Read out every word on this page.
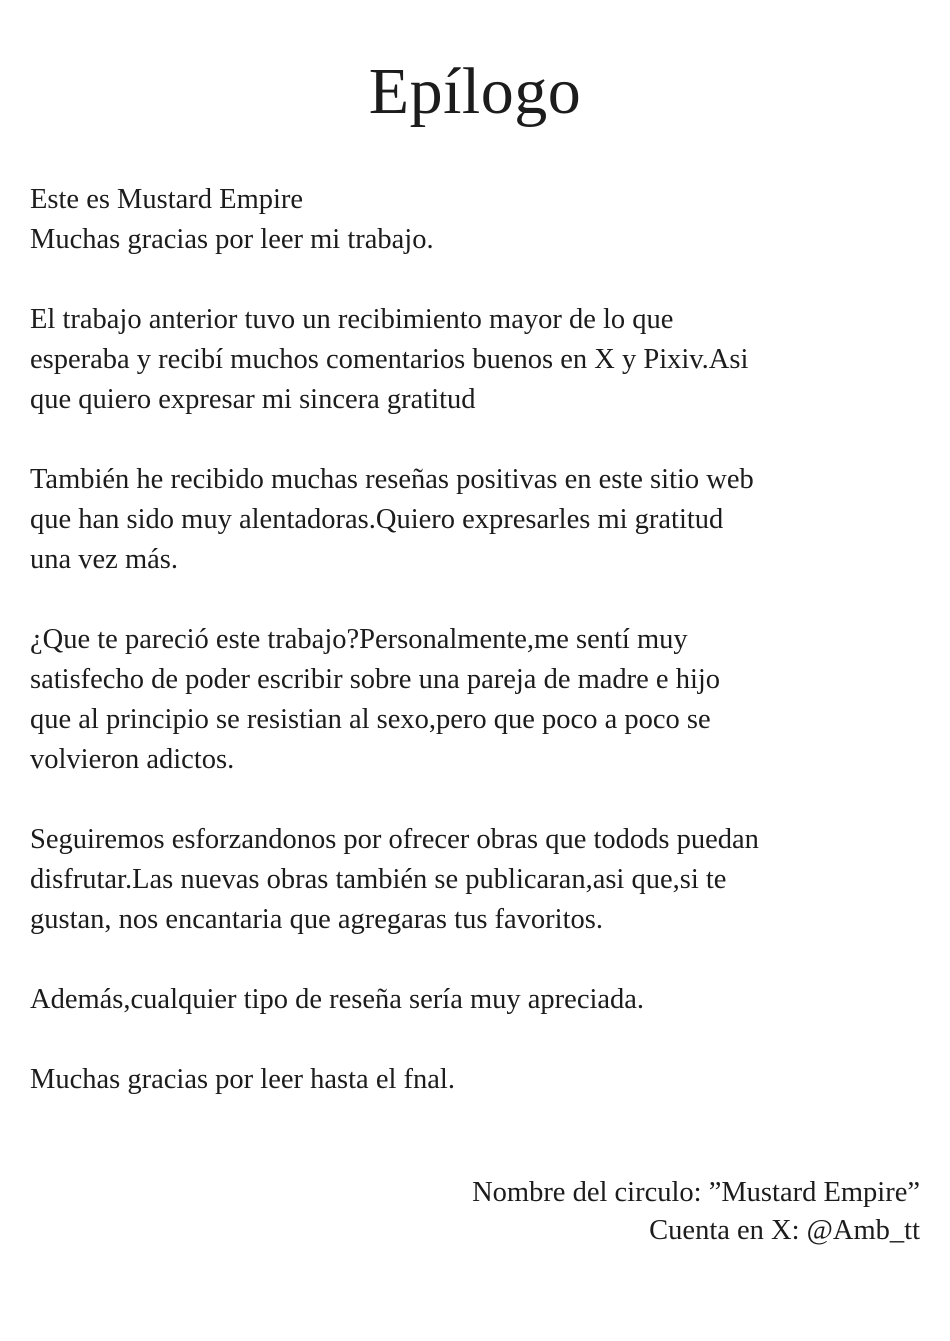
Epílogo

Este es Mustard Empire
Muchas gracias por leer mi trabajo.

El trabajo anterior tuvo un recibimiento mayor de lo que
esperaba y recibí muchos comentarios buenos en X y Pixiv.Asi
que quiero expresar mi sincera gratitud

También he recibido muchas reseñas positivas en este sitio web
que han sido muy alentadoras.Quiero expresarles mi gratitud
una vez más.

¿Que te pareció este trabajo?Personalmente,me sentí muy
satisfecho de poder escribir sobre una pareja de madre e hijo
que al principio se resistian al sexo,pero que poco a poco se
volvieron adictos.

Seguiremos esforzandonos por ofrecer obras que todods puedan
disfrutar.Las nuevas obras también se publicaran,asi que,si te
gustan, nos encantaria que agregaras tus favoritos.

Además,cualquier tipo de reseña sería muy apreciada.

Muchas gracias por leer hasta el fnal.

Nombre del circulo: ”Mustard Empire”
Cuenta en X: @Amb_tt
